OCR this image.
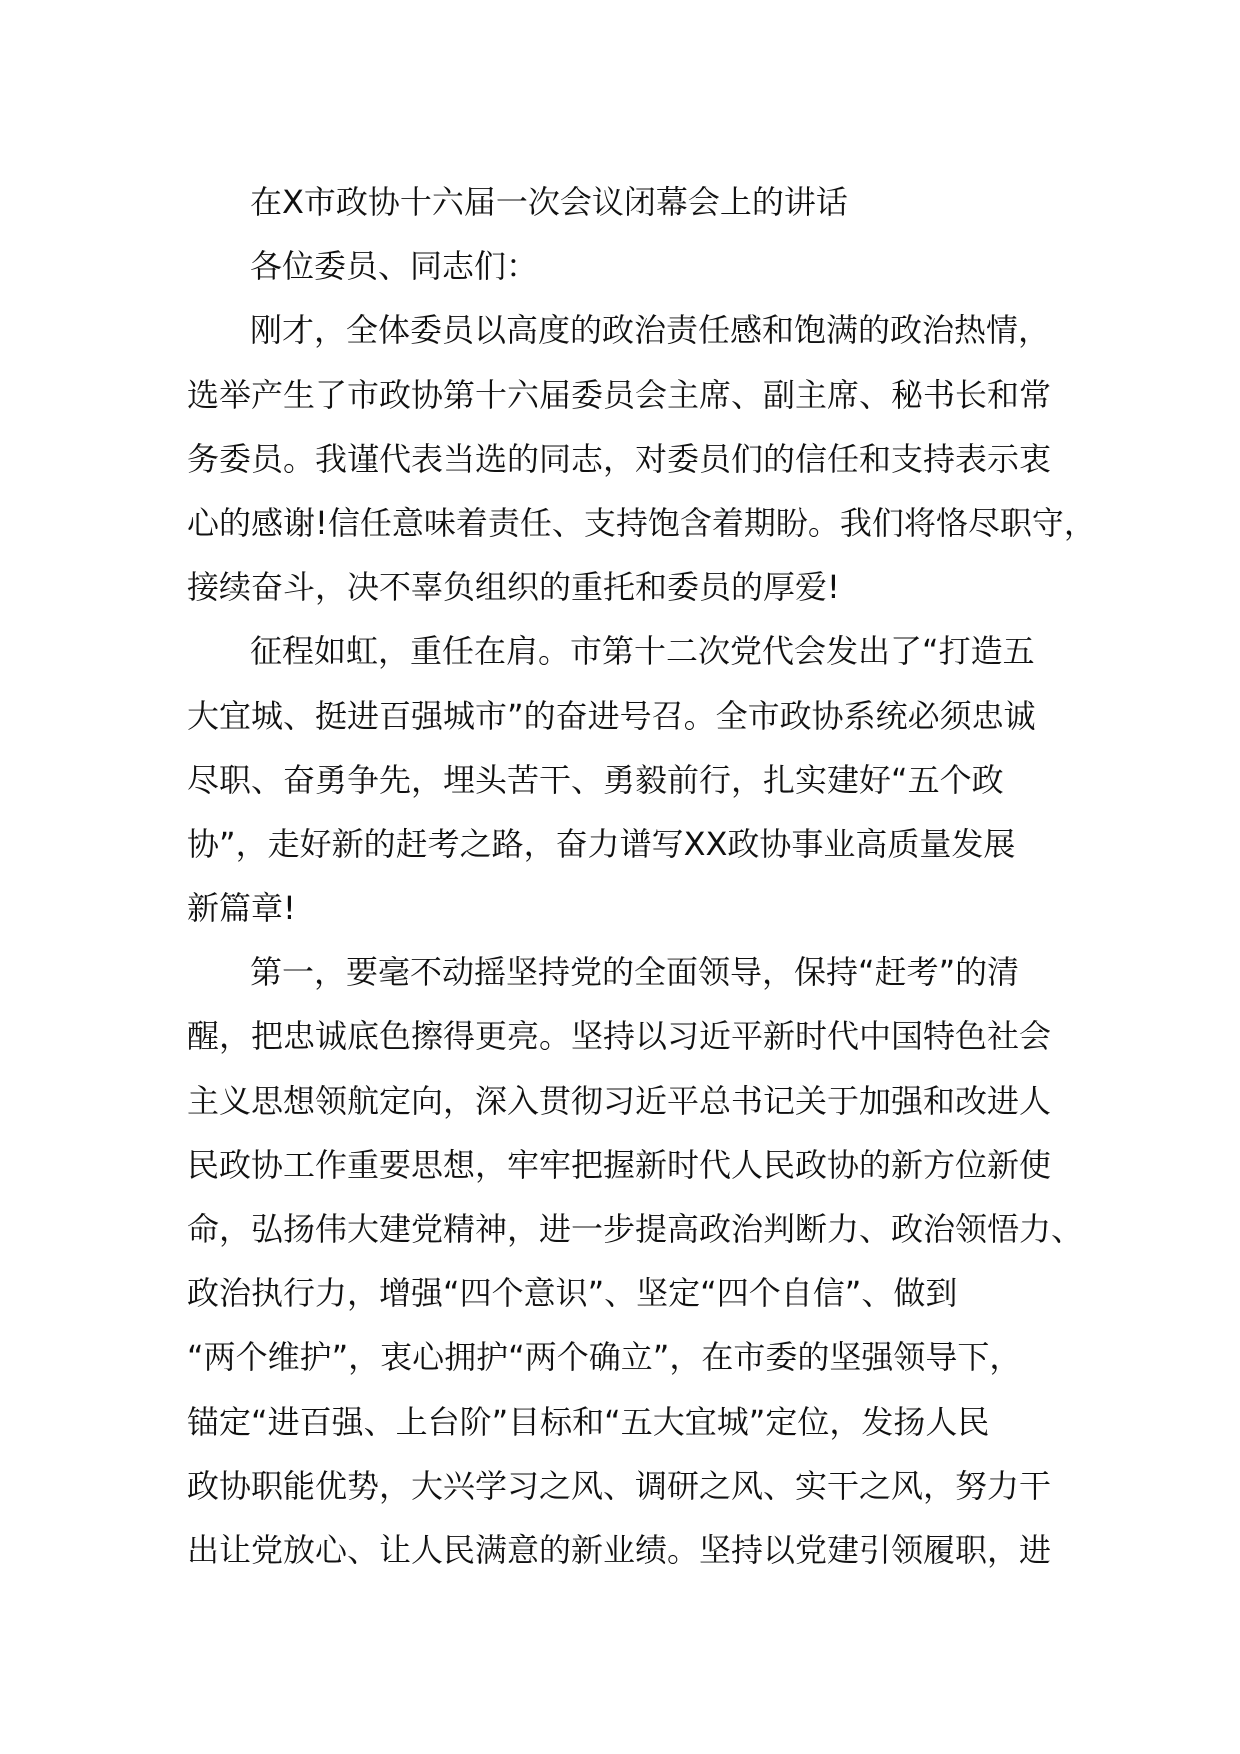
在X市政协十六届一次会议闭幕会上的讲话
各位委员、同志们：
刚才，全体委员以高度的政治责任感和饱满的政治热情，
选举产生了市政协第十六届委员会主席、副主席、秘书长和常
务委员。我谨代表当选的同志，对委员们的信任和支持表示衷
心的感谢!信任意味着责任、支持饱含着期盼。我们将恪尽职守，
接续奋斗，决不辜负组织的重托和委员的厚爱!
征程如虹，重任在肩。市第十二次党代会发出了“打造五
大宜城、挺进百强城市”的奋进号召。全市政协系统必须忠诚
尽职、奋勇争先，埋头苦干、勇毅前行，扎实建好“五个政
协”，走好新的赶考之路，奋力谱写XX政协事业高质量发展
新篇章!
第一，要毫不动摇坚持党的全面领导，保持“赶考”的清
醒，把忠诚底色擦得更亮。坚持以习近平新时代中国特色社会
主义思想领航定向，深入贯彻习近平总书记关于加强和改进人
民政协工作重要思想，牢牢把握新时代人民政协的新方位新使
命，弘扬伟大建党精神，进一步提高政治判断力、政治领悟力、
政治执行力，增强“四个意识”、坚定“四个自信”、做到
“两个维护”，衷心拥护“两个确立”，在市委的坚强领导下，
锚定“进百强、上台阶”目标和“五大宜城”定位，发扬人民
政协职能优势，大兴学习之风、调研之风、实干之风，努力干
出让党放心、让人民满意的新业绩。坚持以党建引领履职，进
